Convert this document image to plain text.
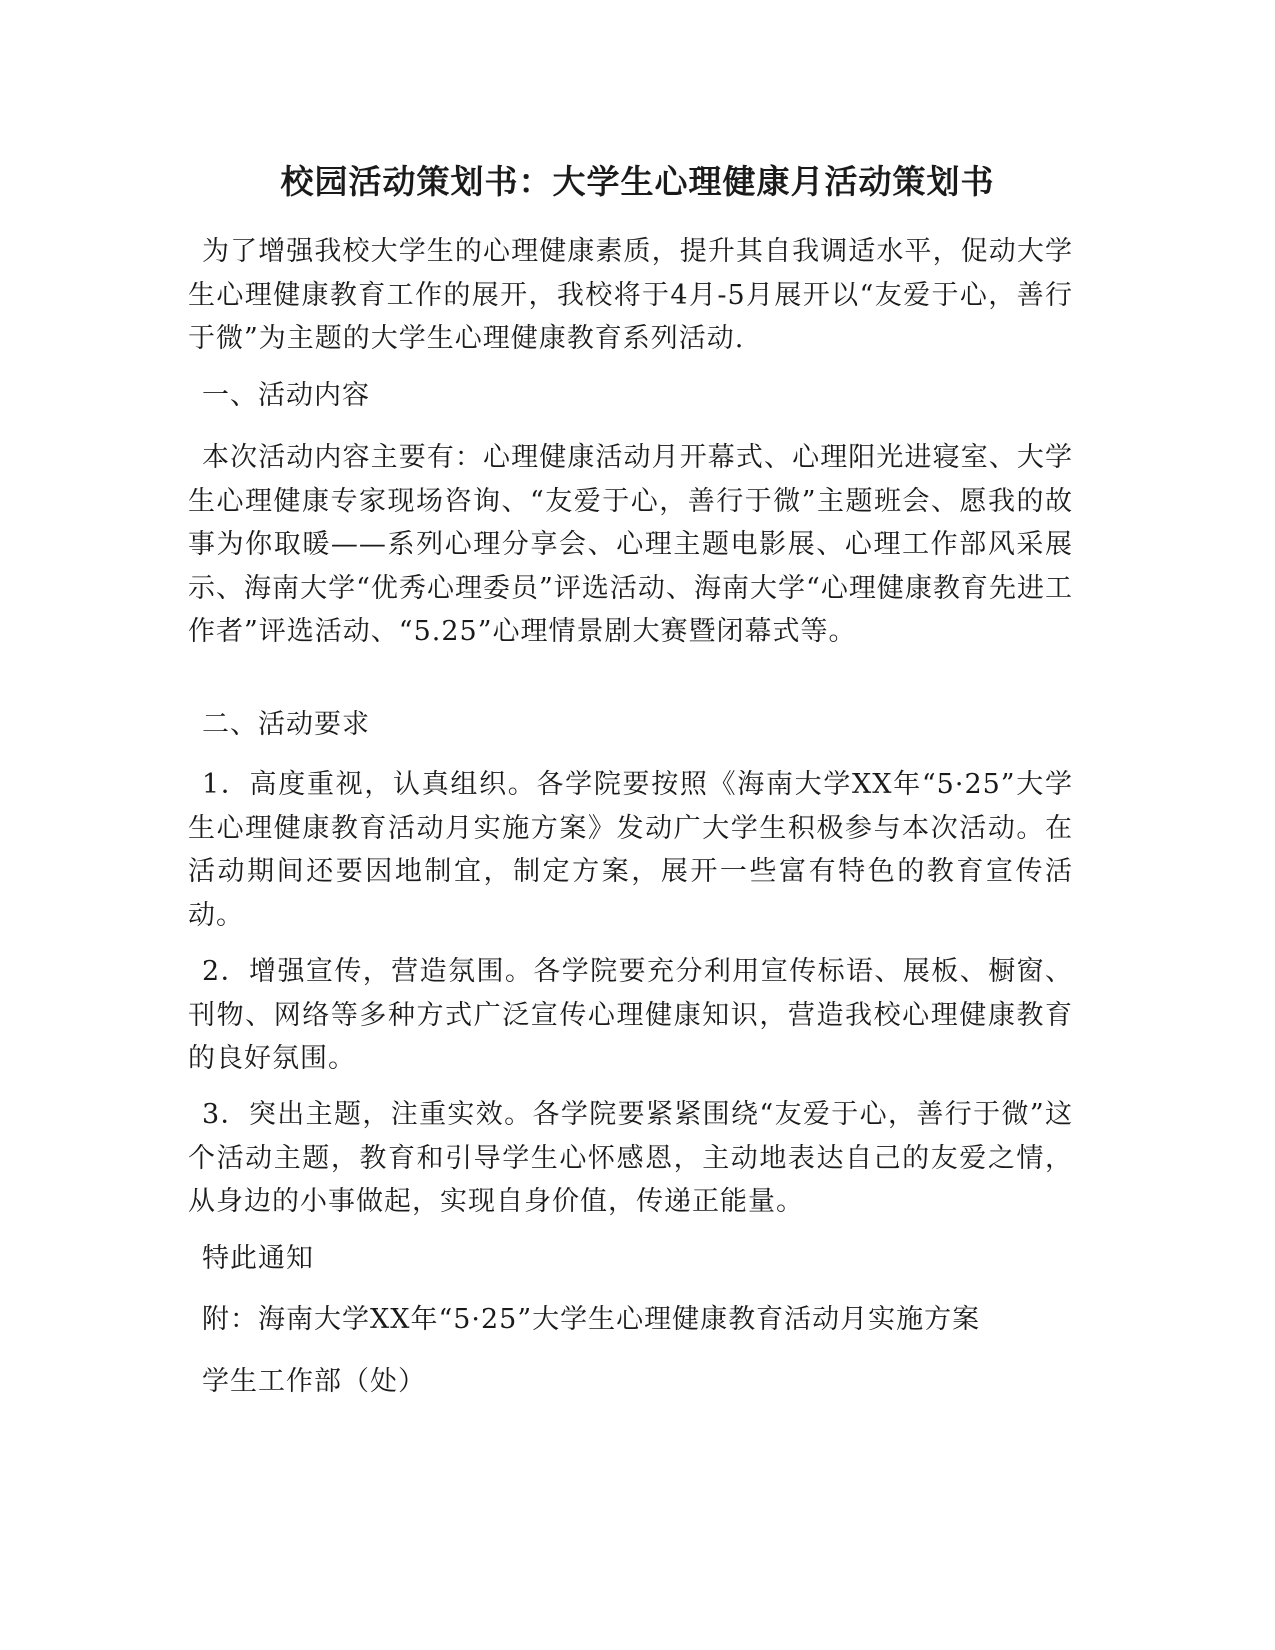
校园活动策划书：大学生心理健康月活动策划书

为了增强我校大学生的心理健康素质，提升其自我调适水平，促动大学生心理健康教育工作的展开，我校将于4月-5月展开以“友爱于心，善行于微”为主题的大学生心理健康教育系列活动.

一、活动内容

本次活动内容主要有：心理健康活动月开幕式、心理阳光进寝室、大学生心理健康专家现场咨询、“友爱于心，善行于微”主题班会、愿我的故事为你取暖——系列心理分享会、心理主题电影展、心理工作部风采展示、海南大学“优秀心理委员”评选活动、海南大学“心理健康教育先进工作者”评选活动、“5.25”心理情景剧大赛暨闭幕式等。

二、活动要求

1．高度重视，认真组织。各学院要按照《海南大学XX年“5·25”大学生心理健康教育活动月实施方案》发动广大学生积极参与本次活动。在活动期间还要因地制宜，制定方案，展开一些富有特色的教育宣传活动。

2．增强宣传，营造氛围。各学院要充分利用宣传标语、展板、橱窗、刊物、网络等多种方式广泛宣传心理健康知识，营造我校心理健康教育的良好氛围。

3．突出主题，注重实效。各学院要紧紧围绕“友爱于心，善行于微”这个活动主题，教育和引导学生心怀感恩，主动地表达自己的友爱之情，从身边的小事做起，实现自身价值，传递正能量。

特此通知
附：海南大学XX年“5·25”大学生心理健康教育活动月实施方案
学生工作部（处）
